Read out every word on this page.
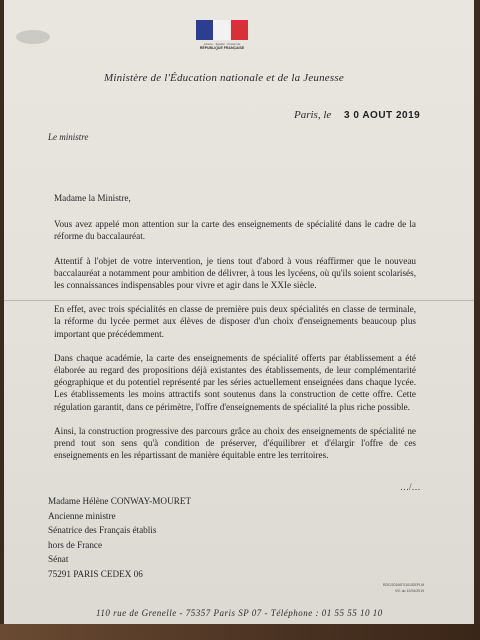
Liberté · Égalité · Fraternité
RÉPUBLIQUE FRANÇAISE
Ministère de l'Éducation nationale et de la Jeunesse
Paris, le 3 0 AOUT 2019
Le ministre

Madame la Ministre,

Vous avez appelé mon attention sur la carte des enseignements de spécialité dans le cadre de la réforme du baccalauréat.

Attentif à l'objet de votre intervention, je tiens tout d'abord à vous réaffirmer que le nouveau baccalauréat a notamment pour ambition de délivrer, à tous les lycéens, où qu'ils soient scolarisés, les connaissances indispensables pour vivre et agir dans le XXIe siècle.

En effet, avec trois spécialités en classe de première puis deux spécialités en classe de terminale, la réforme du lycée permet aux élèves de disposer d'un choix d'enseignements beaucoup plus important que précédemment.

Dans chaque académie, la carte des enseignements de spécialité offerts par établissement a été élaborée au regard des propositions déjà existantes des établissements, de leur complémentarité géographique et du potentiel représenté par les séries actuellement enseignées dans chaque lycée. Les établissements les moins attractifs sont soutenus dans la construction de cette offre. Cette régulation garantit, dans ce périmètre, l'offre d'enseignements de spécialité la plus riche possible.

Ainsi, la construction progressive des parcours grâce au choix des enseignements de spécialité ne prend tout son sens qu'à condition de préserver, d'équilibrer et d'élargir l'offre de ces enseignements en les répartissant de manière équitable entre les territoires.

…/…
Madame Hélène CONWAY-MOURET
Ancienne ministre
Sénatrice des Français établis
hors de France
Sénat
75291 PARIS CEDEX 06
RDC/2019/07/101/DEPLM
VS. du 12/04/2019
110 rue de Grenelle - 75357 Paris SP 07 - Téléphone : 01 55 55 10 10
